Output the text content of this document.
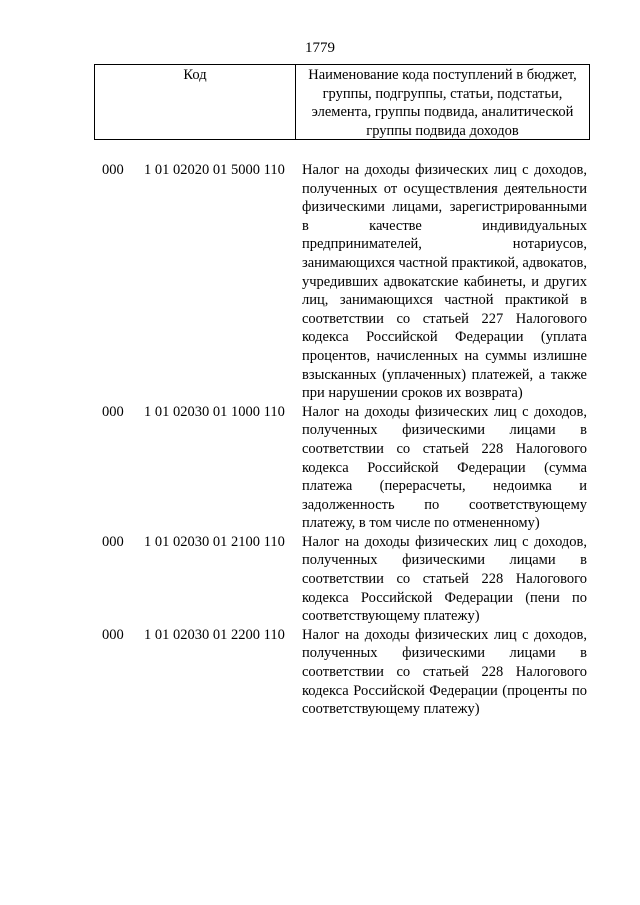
1779
Код	Наименование кода поступлений в бюджет, группы, подгруппы, статьи, подстатьи, элемента, группы подвида, аналитической группы подвида доходов
000 1 01 02020 01 5000 110 Налог на доходы физических лиц с доходов, полученных от осуществления деятельности физическими лицами, зарегистрированными в качестве индивидуальных предпринимателей, нотариусов, занимающихся частной практикой, адвокатов, учредивших адвокатские кабинеты, и других лиц, занимающихся частной практикой в соответствии со статьей 227 Налогового кодекса Российской Федерации (уплата процентов, начисленных на суммы излишне взысканных (уплаченных) платежей, а также при нарушении сроков их возврата)
000 1 01 02030 01 1000 110 Налог на доходы физических лиц с доходов, полученных физическими лицами в соответствии со статьей 228 Налогового кодекса Российской Федерации (сумма платежа (перерасчеты, недоимка и задолженность по соответствующему платежу, в том числе по отмененному)
000 1 01 02030 01 2100 110 Налог на доходы физических лиц с доходов, полученных физическими лицами в соответствии со статьей 228 Налогового кодекса Российской Федерации (пени по соответствующему платежу)
000 1 01 02030 01 2200 110 Налог на доходы физических лиц с доходов, полученных физическими лицами в соответствии со статьей 228 Налогового кодекса Российской Федерации (проценты по соответствующему платежу)
